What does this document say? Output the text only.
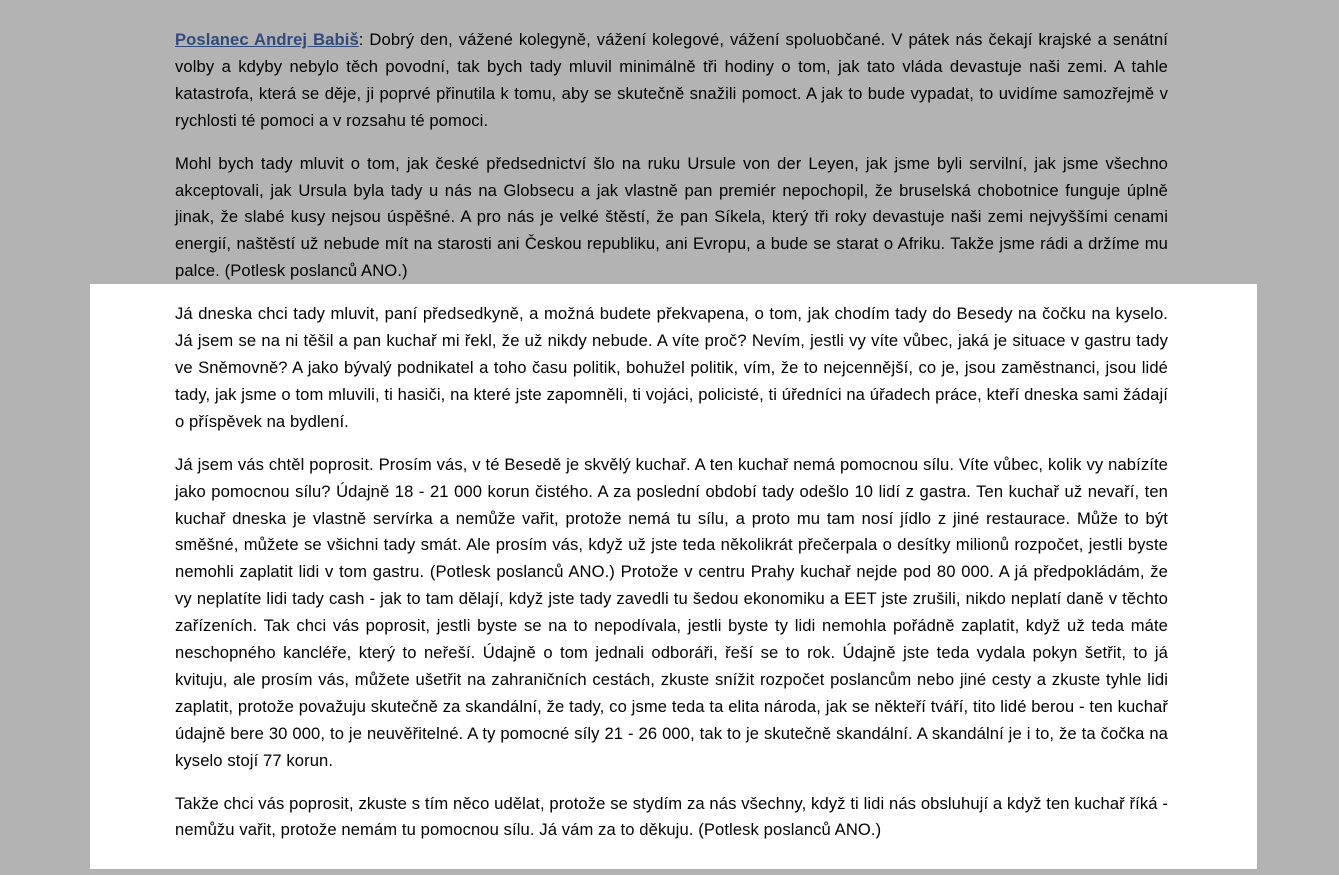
Poslanec Andrej Babiš: Dobrý den, vážené kolegyně, vážení kolegové, vážení spoluobčané. V pátek nás čekají krajské a senátní volby a kdyby nebylo těch povodní, tak bych tady mluvil minimálně tři hodiny o tom, jak tato vláda devastuje naši zemi. A tahle katastrofa, která se děje, ji poprvé přinutila k tomu, aby se skutečně snažili pomoct. A jak to bude vypadat, to uvidíme samozřejmě v rychlosti té pomoci a v rozsahu té pomoci.

Mohl bych tady mluvit o tom, jak české předsednictví šlo na ruku Ursule von der Leyen, jak jsme byli servilní, jak jsme všechno akceptovali, jak Ursula byla tady u nás na Globsecu a jak vlastně pan premiér nepochopil, že bruselská chobotnice funguje úplně jinak, že slabé kusy nejsou úspěšné. A pro nás je velké štěstí, že pan Síkela, který tři roky devastuje naši zemi nejvyššími cenami energií, naštěstí už nebude mít na starosti ani Českou republiku, ani Evropu, a bude se starat o Afriku. Takže jsme rádi a držíme mu palce. (Potlesk poslanců ANO.)

Já dneska chci tady mluvit, paní předsedkyně, a možná budete překvapena, o tom, jak chodím tady do Besedy na čočku na kyselo. Já jsem se na ni těšil a pan kuchař mi řekl, že už nikdy nebude. A víte proč? Nevím, jestli vy víte vůbec, jaká je situace v gastru tady ve Sněmovně? A jako bývalý podnikatel a toho času politik, bohužel politik, vím, že to nejcennější, co je, jsou zaměstnanci, jsou lidé tady, jak jsme o tom mluvili, ti hasiči, na které jste zapomněli, ti vojáci, policisté, ti úředníci na úřadech práce, kteří dneska sami žádají o příspěvek na bydlení.

Já jsem vás chtěl poprosit. Prosím vás, v té Besedě je skvělý kuchař. A ten kuchař nemá pomocnou sílu. Víte vůbec, kolik vy nabízíte jako pomocnou sílu? Údajně 18 - 21 000 korun čistého. A za poslední období tady odešlo 10 lidí z gastra. Ten kuchař už nevaří, ten kuchař dneska je vlastně servírka a nemůže vařit, protože nemá tu sílu, a proto mu tam nosí jídlo z jiné restaurace. Může to být směšné, můžete se všichni tady smát. Ale prosím vás, když už jste teda několikrát přečerpala o desítky milionů rozpočet, jestli byste nemohli zaplatit lidi v tom gastru. (Potlesk poslanců ANO.) Protože v centru Prahy kuchař nejde pod 80 000. A já předpokládám, že vy neplatíte lidi tady cash - jak to tam dělají, když jste tady zavedli tu šedou ekonomiku a EET jste zrušili, nikdo neplatí daně v těchto zařízeních. Tak chci vás poprosit, jestli byste se na to nepodívala, jestli byste ty lidi nemohla pořádně zaplatit, když už teda máte neschopného kancléře, který to neřeší. Údajně o tom jednali odboráři, řeší se to rok. Údajně jste teda vydala pokyn šetřit, to já kvituju, ale prosím vás, můžete ušetřit na zahraničních cestách, zkuste snížit rozpočet poslancům nebo jiné cesty a zkuste tyhle lidi zaplatit, protože považuju skutečně za skandální, že tady, co jsme teda ta elita národa, jak se někteří tváří, tito lidé berou - ten kuchař údajně bere 30 000, to je neuvěřitelné. A ty pomocné síly 21 - 26 000, tak to je skutečně skandální. A skandální je i to, že ta čočka na kyselo stojí 77 korun.

Takže chci vás poprosit, zkuste s tím něco udělat, protože se stydím za nás všechny, když ti lidi nás obsluhují a když ten kuchař říká - nemůžu vařit, protože nemám tu pomocnou sílu. Já vám za to děkuju. (Potlesk poslanců ANO.)
